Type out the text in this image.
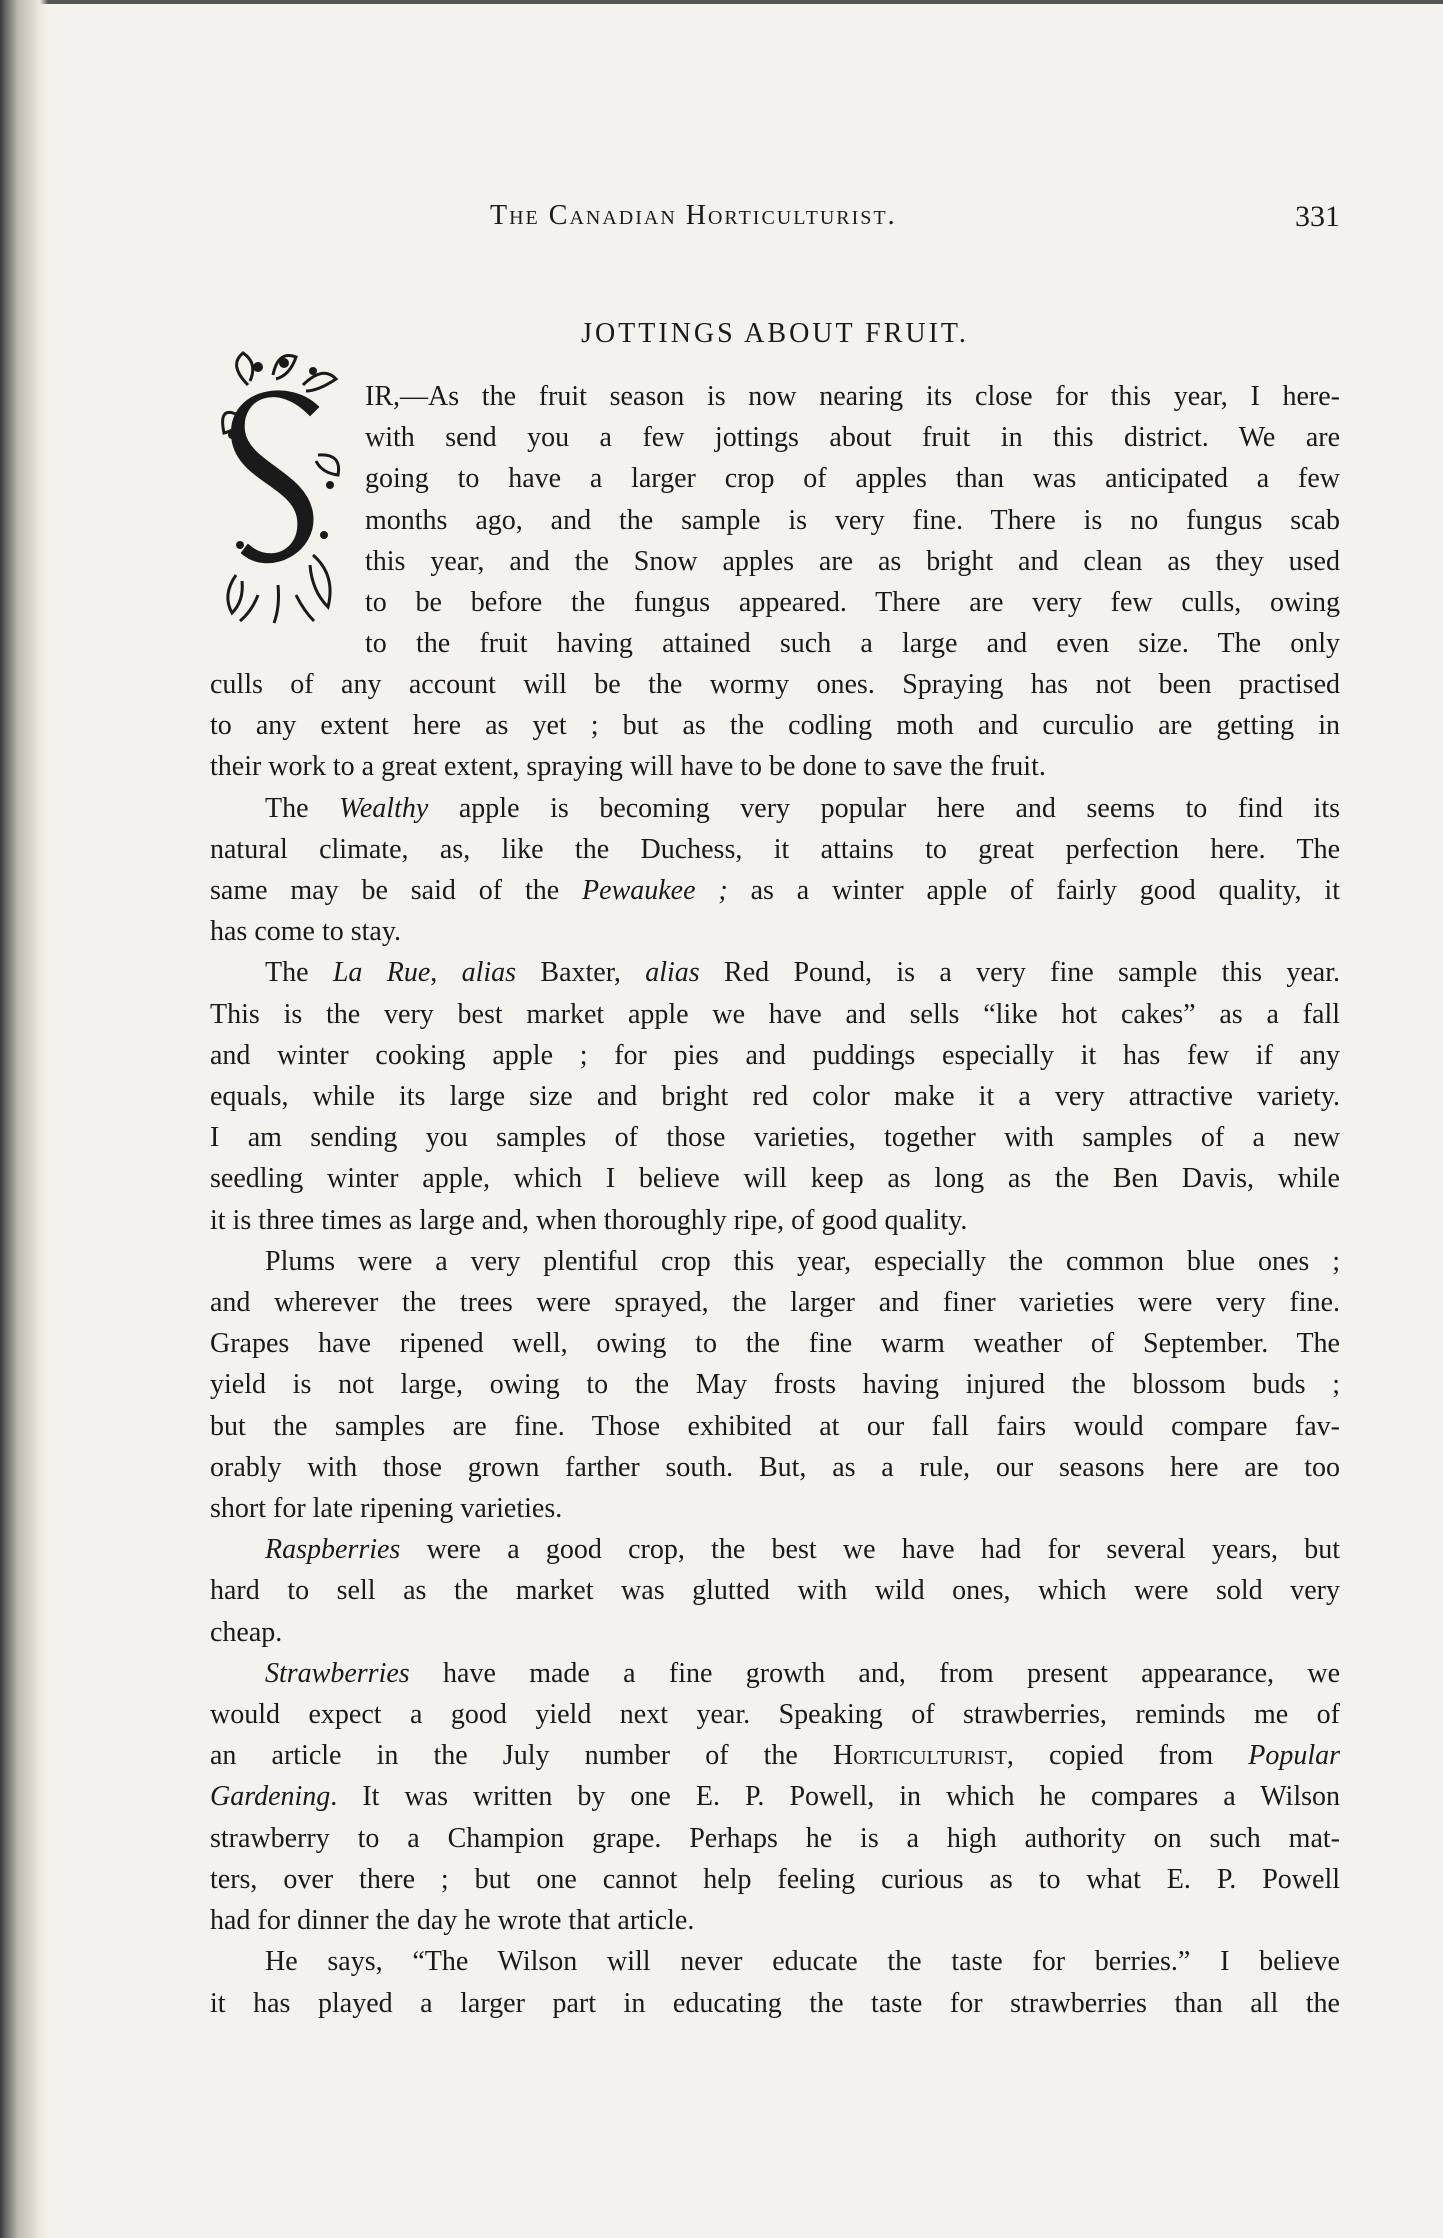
The Canadian Horticulturist.	331
JOTTINGS ABOUT FRUIT.
IR,—As the fruit season is now nearing its close for this year, I here-
with send you a few jottings about fruit in this district. We are
going to have a larger crop of apples than was anticipated a few
months ago, and the sample is very fine. There is no fungus scab
this year, and the Snow apples are as bright and clean as they used
to be before the fungus appeared. There are very few culls, owing
to the fruit having attained such a large and even size. The only
culls of any account will be the wormy ones. Spraying has not been practised
to any extent here as yet ; but as the codling moth and curculio are getting in
their work to a great extent, spraying will have to be done to save the fruit.
The Wealthy apple is becoming very popular here and seems to find its
natural climate, as, like the Duchess, it attains to great perfection here. The
same may be said of the Pewaukee ; as a winter apple of fairly good quality, it
has come to stay.
The La Rue, alias Baxter, alias Red Pound, is a very fine sample this year.
This is the very best market apple we have and sells “like hot cakes” as a fall
and winter cooking apple ; for pies and puddings especially it has few if any
equals, while its large size and bright red color make it a very attractive variety.
I am sending you samples of those varieties, together with samples of a new
seedling winter apple, which I believe will keep as long as the Ben Davis, while
it is three times as large and, when thoroughly ripe, of good quality.
Plums were a very plentiful crop this year, especially the common blue ones ;
and wherever the trees were sprayed, the larger and finer varieties were very fine.
Grapes have ripened well, owing to the fine warm weather of September. The
yield is not large, owing to the May frosts having injured the blossom buds ;
but the samples are fine. Those exhibited at our fall fairs would compare fav-
orably with those grown farther south. But, as a rule, our seasons here are too
short for late ripening varieties.
Raspberries were a good crop, the best we have had for several years, but
hard to sell as the market was glutted with wild ones, which were sold very
cheap.
Strawberries have made a fine growth and, from present appearance, we
would expect a good yield next year. Speaking of strawberries, reminds me of
an article in the July number of the Horticulturist, copied from Popular
Gardening. It was written by one E. P. Powell, in which he compares a Wilson
strawberry to a Champion grape. Perhaps he is a high authority on such mat-
ters, over there ; but one cannot help feeling curious as to what E. P. Powell
had for dinner the day he wrote that article.
He says, “The Wilson will never educate the taste for berries.” I believe
it has played a larger part in educating the taste for strawberries than all the
